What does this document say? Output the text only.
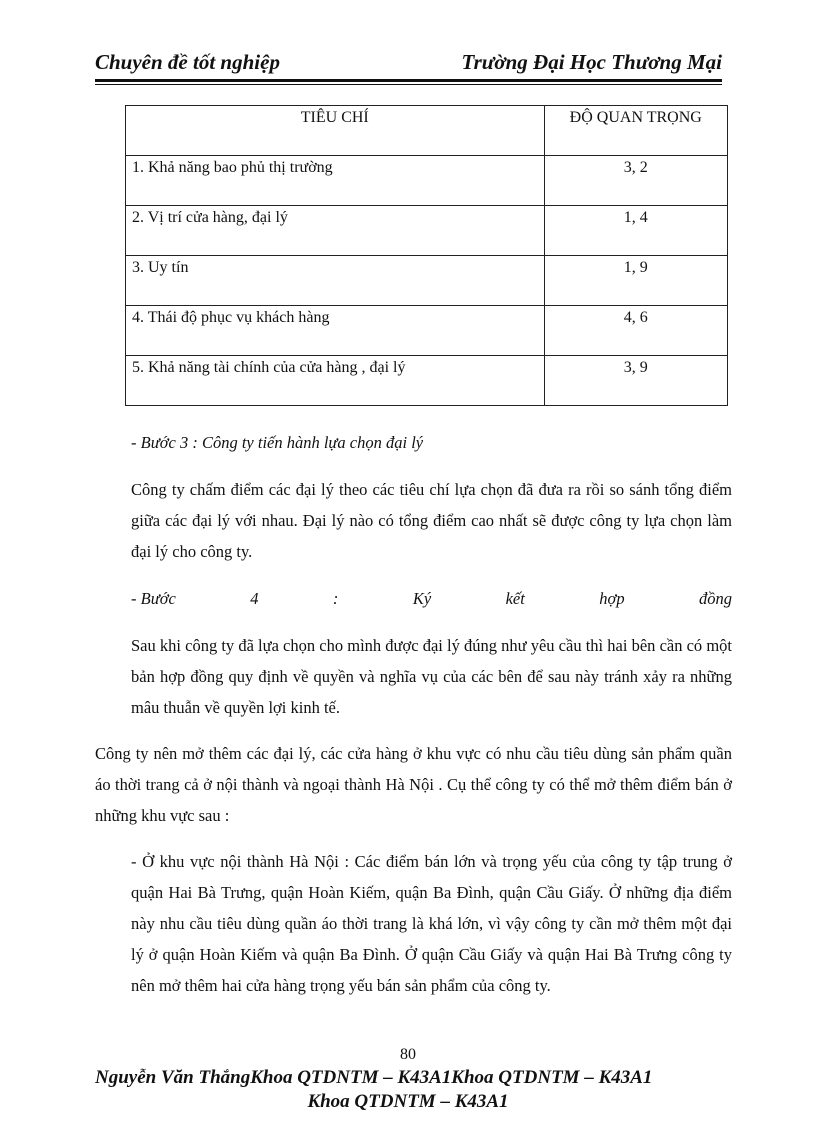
Chuyên đề tốt nghiệp	Trường Đại Học Thương Mại
TIÊU CHÍ	ĐỘ QUAN TRỌNG
1. Khả năng bao phủ thị trường	3, 2
2. Vị trí cửa hàng, đại lý	1, 4
3. Uy tín	1, 9
4. Thái độ phục vụ khách hàng	4, 6
5. Khả năng tài chính của cửa hàng , đại lý	3, 9

- Bước 3 : Công ty tiến hành lựa chọn đại lý

Công ty chấm điểm các đại lý theo các tiêu chí lựa chọn đã đưa ra rồi so sánh tổng điểm giữa các đại lý với nhau. Đại lý nào có tổng điểm cao nhất sẽ được công ty lựa chọn làm đại lý cho công ty.

- Bước	4	:	Ký	kết	hợp	đồng

Sau khi công ty đã lựa chọn cho mình được đại lý đúng như yêu cầu thì hai bên cần có một bản hợp đồng quy định về quyền và nghĩa vụ của các bên để sau này tránh xảy ra những mâu thuẫn về quyền lợi kinh tế.

Công ty nên mở thêm các đại lý, các cửa hàng ở khu vực có nhu cầu tiêu dùng sản phẩm quần áo thời trang cả ở nội thành và ngoại thành Hà Nội . Cụ thể công ty có thể mở thêm điểm bán ở những khu vực sau :

- Ở khu vực nội thành Hà Nội : Các điểm bán lớn và trọng yếu của công ty tập trung ở quận Hai Bà Trưng, quận Hoàn Kiếm, quận Ba Đình, quận Cầu Giấy. Ở những địa điểm này nhu cầu tiêu dùng quần áo thời trang là khá lớn, vì vậy công ty cần mở thêm một đại lý ở quận Hoàn Kiếm và quận Ba Đình. Ở quận Cầu Giấy và quận Hai Bà Trưng công ty nên mở thêm hai cửa hàng trọng yếu bán sản phẩm của công ty.

80
Nguyễn Văn ThắngKhoa QTDNTM – K43A1Khoa QTDNTM – K43A1
Khoa QTDNTM – K43A1
